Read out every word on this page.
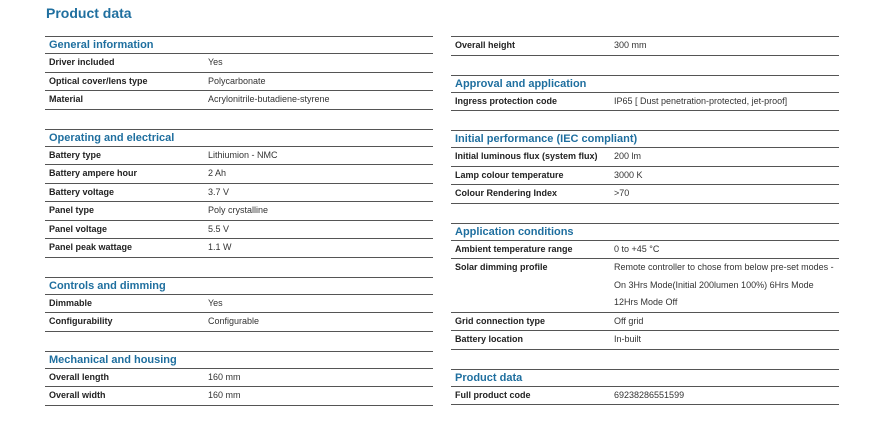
Product data
General information
Driver included	Yes
Optical cover/lens type	Polycarbonate
Material	Acrylonitrile-butadiene-styrene
Operating and electrical
Battery type	Lithiumion - NMC
Battery ampere hour	2 Ah
Battery voltage	3.7 V
Panel type	Poly crystalline
Panel voltage	5.5 V
Panel peak wattage	1.1 W
Controls and dimming
Dimmable	Yes
Configurability	Configurable
Mechanical and housing
Overall length	160 mm
Overall width	160 mm
Overall height	300 mm
Approval and application
Ingress protection code	IP65 [ Dust penetration-protected, jet-proof]
Initial performance (IEC compliant)
Initial luminous flux (system flux)	200 lm
Lamp colour temperature	3000 K
Colour Rendering Index	>70
Application conditions
Ambient temperature range	0 to +45 °C
Solar dimming profile	Remote controller to chose from below pre-set modes - On 3Hrs Mode(Initial 200lumen 100%) 6Hrs Mode 12Hrs Mode Off
Grid connection type	Off grid
Battery location	In-built
Product data
Full product code	69238286551599
